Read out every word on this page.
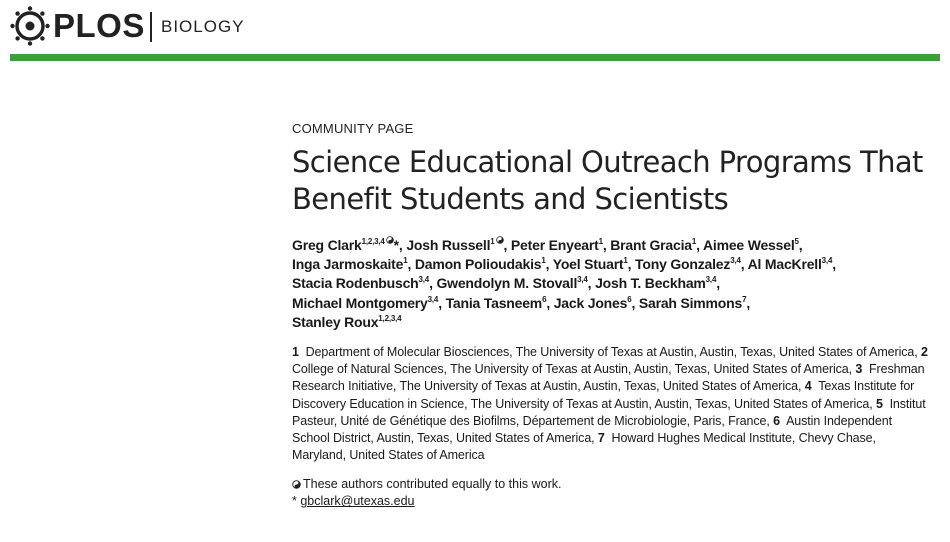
PLOS BIOLOGY
COMMUNITY PAGE
Science Educational Outreach Programs That Benefit Students and Scientists
Greg Clark$^{1,2,3,4}$ *, Josh Russell$^1$ , Peter Enyeart$^1$, Brant Gracia$^1$, Aimee Wessel$^5$,
Inga Jarmoskaite$^1$, Damon Polioudakis$^1$, Yoel Stuart$^1$, Tony Gonzalez$^{3,4}$, Al MacKrell$^{3,4}$,
Stacia Rodenbusch$^{3,4}$, Gwendolyn M. Stovall$^{3,4}$, Josh T. Beckham$^{3,4}$,
Michael Montgomery$^{3,4}$, Tania Tasneem$^6$, Jack Jones$^6$, Sarah Simmons$^7$,
Stanley Roux$^{1,2,3,4}$
1 Department of Molecular Biosciences, The University of Texas at Austin, Austin, Texas, United States of America, 2  College of Natural Sciences, The University of Texas at Austin, Austin, Texas, United States of America, 3 Freshman Research Initiative, The University of Texas at Austin, Austin, Texas, United States of America, 4 Texas Institute for Discovery Education in Science, The University of Texas at Austin, Austin, Texas, United States of America, 5 Institut Pasteur, Unité de Génétique des Biofilms, Département de Microbiologie, Paris, France, 6 Austin Independent School District, Austin, Texas, United States of America, 7 Howard Hughes Medical Institute, Chevy Chase, Maryland, United States of America
These authors contributed equally to this work.
* gbclark@utexas.edu
